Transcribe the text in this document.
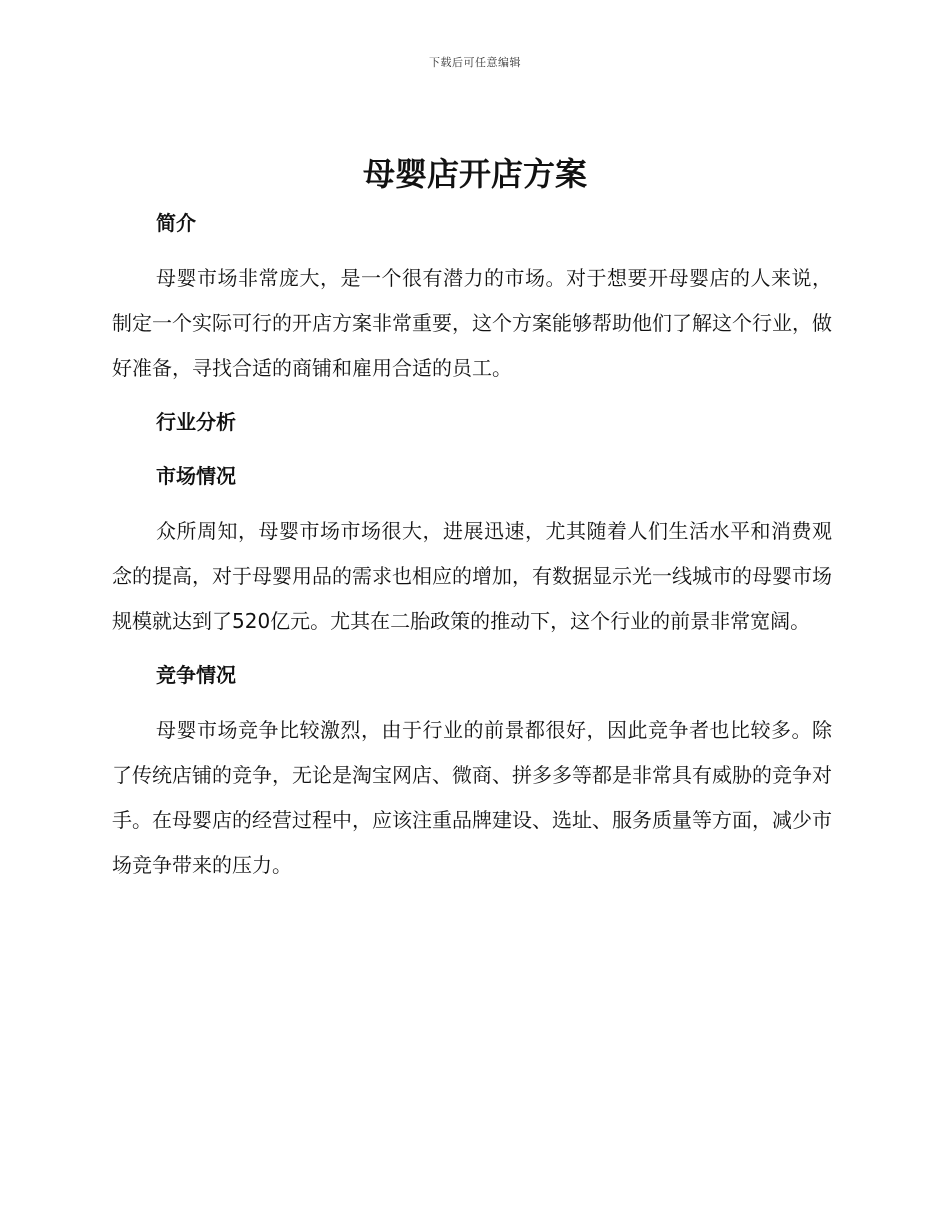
下载后可任意编辑
母婴店开店方案
简介

母婴市场非常庞大，是一个很有潜力的市场。对于想要开母婴店的人来说，制定一个实际可行的开店方案非常重要，这个方案能够帮助他们了解这个行业，做好准备，寻找合适的商铺和雇用合适的员工。

行业分析
市场情况

众所周知，母婴市场市场很大，进展迅速，尤其随着人们生活水平和消费观念的提高，对于母婴用品的需求也相应的增加，有数据显示光一线城市的母婴市场规模就达到了520亿元。尤其在二胎政策的推动下，这个行业的前景非常宽阔。

竞争情况

母婴市场竞争比较激烈，由于行业的前景都很好，因此竞争者也比较多。除了传统店铺的竞争，无论是淘宝网店、微商、拼多多等都是非常具有威胁的竞争对手。在母婴店的经营过程中，应该注重品牌建设、选址、服务质量等方面，减少市场竞争带来的压力。
